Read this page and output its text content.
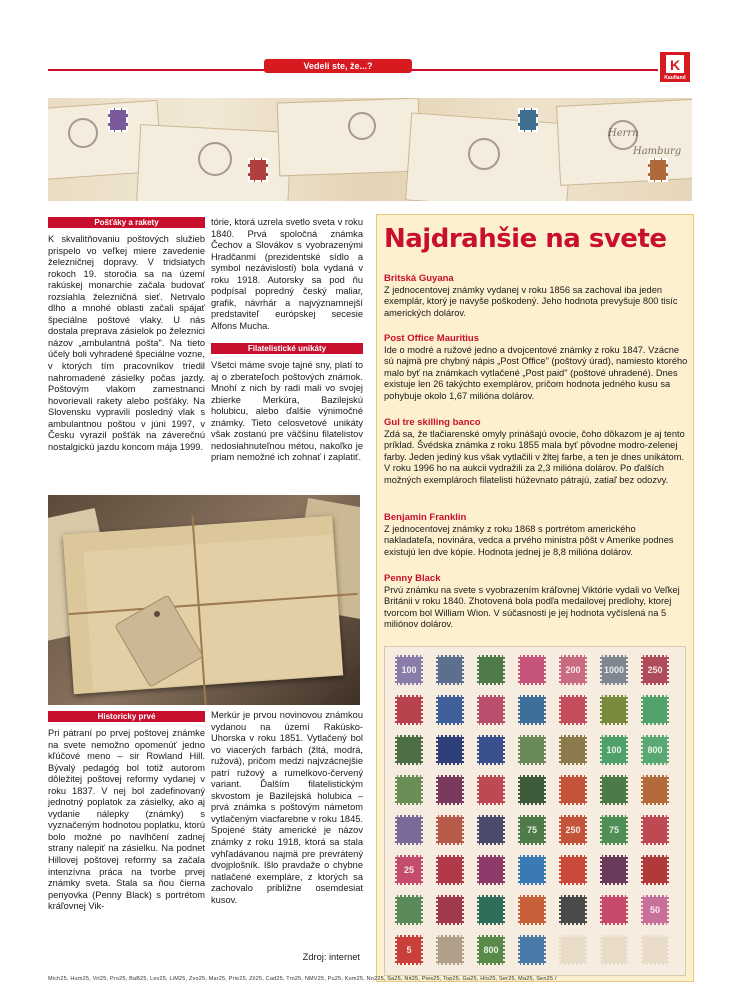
Vedeli ste, že...?	K
Kaufland
Herrn
Hamburg
Pošťáky a rakety

K skvalitňovaniu poštových služieb prispelo vo veľkej miere zavedenie železničnej dopravy. V tridsiatych rokoch 19. storočia sa na území rakúskej monarchie začala budovať rozsiahla železničná sieť. Netrvalo dlho a mnohé oblasti začali spájať špeciálne poštové vlaky. U nás dostala preprava zásielok po železnici názov „ambulantná pošta". Na tieto účely boli vyhradené špeciálne vozne, v ktorých tím pracovníkov triedil nahromadené zásielky počas jazdy. Poštovým vlakom zamestnanci hovorievali rakety alebo pošťáky. Na Slovensku vypravili posledný vlak s ambulantnou poštou v júni 1997, v Česku vyrazil pošťák na záverečnú nostalgickú jazdu koncom mája 1999.

tórie, ktorá uzrela svetlo sveta v roku 1840. Prvá spoločná známka Čechov a Slovákov s vyobrazenými Hradčanmi (prezidentské sídlo a symbol nezávislosti) bola vydaná v roku 1918. Autorsky sa pod ňu podpísal popredný český maliar, grafik, návrhár a najvýznamnejší predstaviteľ európskej secesie Alfons Mucha.

Filatelistické unikáty

Všetci máme svoje tajné sny, platí to aj o zberateľoch poštových známok. Mnohí z nich by radi mali vo svojej zbierke Merkúra, Bazilejskú holubicu, alebo ďalšie výnimočné známky. Tieto celosvetové unikáty však zostanú pre väčšinu filatelistov nedosiahnuteľnou métou, nakoľko je priam nemožné ich zohnať i zaplatiť.

Historicky prvé

Pri pátraní po prvej poštovej známke na svete nemožno opomenúť jedno kľúčové meno – sir Rowland Hill. Bývalý pedagóg bol totiž autorom dôležitej poštovej reformy vydanej v roku 1837. V nej bol zadefinovaný jednotný poplatok za zásielky, ako aj vydanie nálepky (známky) s vyznačeným hodnotou poplatku, ktorú bolo možné po navlhčení zadnej strany nalepiť na zásielku. Na podnet Hillovej poštovej reformy sa začala intenzívna práca na tvorbe prvej známky sveta. Stala sa ňou čierna penyovka (Penny Black) s portrétom kráľovnej Vik-

Merkúr je prvou novinovou známkou vydanou na území Rakúsko-Uhorska v roku 1851. Vytlačený bol vo viacerých farbách (žltá, modrá, ružová), pričom medzi najvzácnejšie patrí ružový a rumelkovo-červený variant. Ďalším filatelistickým skvostom je Bazilejská holubica – prvá známka s poštovým námetom vytlačeným viacfarebne v roku 1845. Spojené štáty americké je názov známky z roku 1918, ktorá sa stala vyhľadávanou najmä pre prevrátený dvojplošník. Išlo pravdaže o chybne natlačené exempláre, z ktorých sa zachovalo približne osemdesiat kusov.

Zdroj: internet
Najdrahšie na svete
Britská Guyana
Z jednocentovej známky vydanej v roku 1856 sa zachoval iba jeden exemplár, ktorý je navyše poškodený. Jeho hodnota prevyšuje 800 tisíc amerických dolárov.
Post Office Mauritius
Ide o modré a ružové jedno a dvojcentové známky z roku 1847. Vzácne sú najmä pre chybný nápis „Post Office" (poštový úrad), namiesto ktorého malo byť na známkach vytlačené „Post paid" (poštové uhradené). Dnes existuje len 26 takýchto exemplárov, pričom hodnota jedného kusu sa pohybuje okolo 1,67 milióna dolárov.
Gul tre skilling banco
Zdá sa, že tlačiarenské omyly prinášajú ovocie, čoho dôkazom je aj tento príklad. Švédska známka z roku 1855 mala byť pôvodne modro-zelenej farby. Jeden jediný kus však vytlačili v žltej farbe, a ten je dnes unikátom. V roku 1996 ho na aukcii vydražili za 2,3 milióna dolárov. Po ďalších možných exemplároch filatelisti húževnato pátrajú, zatiaľ bez odozvy.
Benjamin Franklin
Z jednocentovej známky z roku 1868 s portrétom amerického nakladateľa, novinára, vedca a prvého ministra pôšt v Amerike podnes existujú len dve kópie. Hodnota jednej je 8,8 milióna dolárov.
Penny Black
Prvú známku na svete s vyobrazením kráľovnej Viktórie vydali vo Veľkej Británii v roku 1840. Zhotovená bola podľa medailovej predlohy, ktorej tvorcom bol William Wion. V súčasnosti je jej hodnota vyčíslená na 5 miliónov dolárov.
100	200	1000	250
100	800
75	250	75
25
50
5	800
Mich25, Hum25, Vrt25, Pro25, BaB25, Lev25, LiM25, Zvo25, Mar25, Prie25, Zil25, Cad25, Trn25, NMV25, Pu25, Kom25, No225, Sa25, Nit25, Pies25, Top25, Ga25, Hlo25, Ser25, Ma25, Sen25 /
